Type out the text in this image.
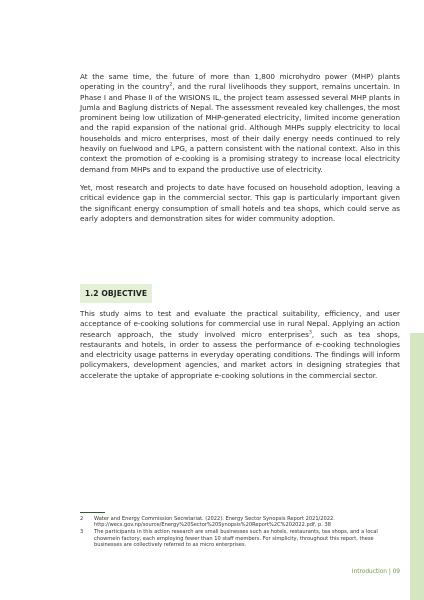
At the same time, the future of more than 1,800 microhydro power (MHP) plants operating in the country$^2$, and the rural livelihoods they support, remains uncertain. In Phase I and Phase II of the WISIONS IL, the project team assessed several MHP plants in Jumla and Baglung districts of Nepal. The assessment revealed key challenges, the most prominent being low utilization of MHP-generated electricity, limited income generation and the rapid expansion of the national grid. Although MHPs supply electricity to local households and micro enterprises, most of their daily energy needs continued to rely heavily on fuelwood and LPG, a pattern consistent with the national context. Also in this context the promotion of e-cooking is a promising strategy to increase local electricity demand from MHPs and to expand the productive use of electricity.

Yet, most research and projects to date have focused on household adoption, leaving a critical evidence gap in the commercial sector. This gap is particularly important given the significant energy consumption of small hotels and tea shops, which could serve as early adopters and demonstration sites for wider community adoption.

1.2 OBJECTIVE

This study aims to test and evaluate the practical suitability, efficiency, and user acceptance of e-cooking solutions for commercial use in rural Nepal. Applying an action research approach, the study involved micro enterprises$^3$, such as tea shops, restaurants and hotels, in order to assess the performance of e-cooking technologies and electricity usage patterns in everyday operating conditions. The findings will inform policymakers, development agencies, and market actors in designing strategies that accelerate the uptake of appropriate e-cooking solutions in the commercial sector.

2	Water and Energy Commission Secretariat. (2022). Energy Sector Synopsis Report 2021/2022. http://wecs.gov.np/source/Energy%20Sector%20Synopsis%20Report%2C%202022.pdf, p. 38
3	The participants in this action research are small businesses such as hotels, restaurants, tea shops, and a local chowmein factory, each employing fewer than 10 staff members. For simplicity, throughout this report, these businesses are collectively referred to as micro enterprises.
Introduction | 09
